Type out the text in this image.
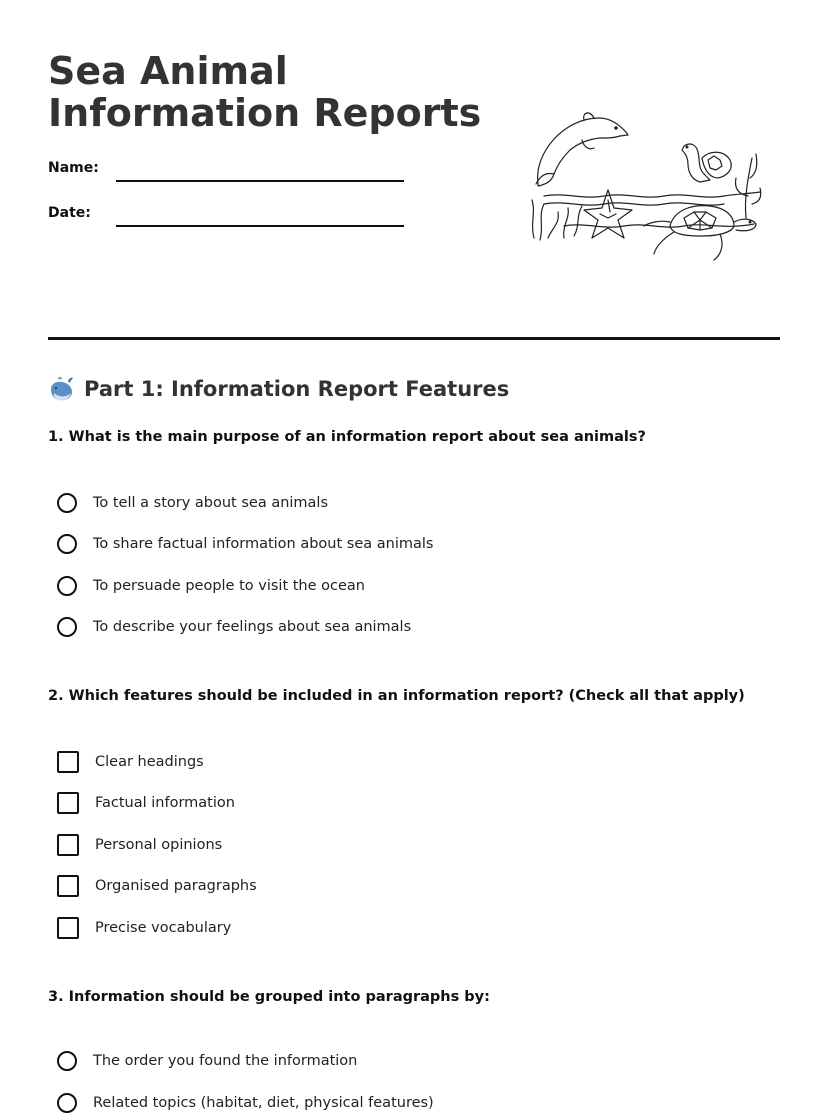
Sea Animal Information Reports
Name:
Date:
Part 1: Information Report Features
1. What is the main purpose of an information report about sea animals?
To tell a story about sea animals
To share factual information about sea animals
To persuade people to visit the ocean
To describe your feelings about sea animals
2. Which features should be included in an information report? (Check all that apply)
Clear headings
Factual information
Personal opinions
Organised paragraphs
Precise vocabulary
3. Information should be grouped into paragraphs by:
The order you found the information
Related topics (habitat, diet, physical features)
